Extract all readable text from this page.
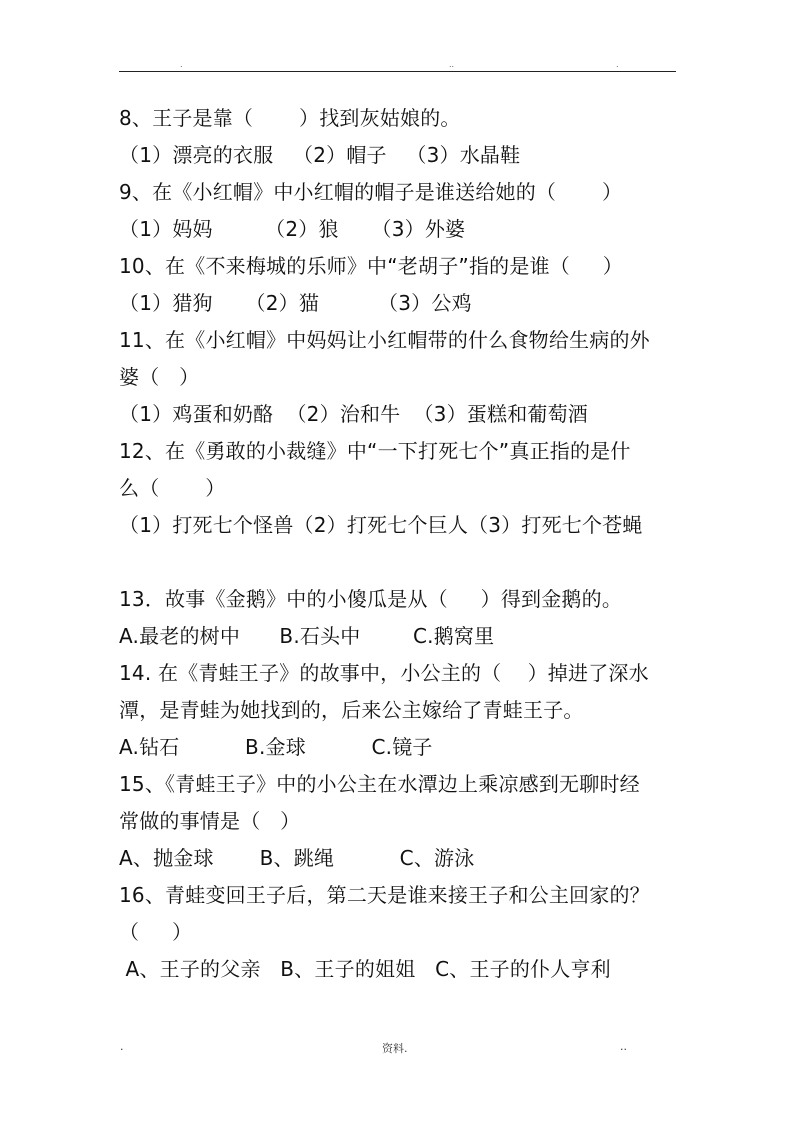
.	..	.
8、王子是靠（       ）找到灰姑娘的。
（1）漂亮的衣服   （2）帽子   （3）水晶鞋
9、在《小红帽》中小红帽的帽子是谁送给她的（       ）
（1）妈妈        （2）狼     （3）外婆
10、在《不来梅城的乐师》中“老胡子”指的是谁（     ）
（1）猎狗     （2）猫         （3）公鸡
11、在《小红帽》中妈妈让小红帽带的什么食物给生病的外
婆（   ）
（1）鸡蛋和奶酪  （2）治和牛  （3）蛋糕和葡萄酒
12、在《勇敢的小裁缝》中“一下打死七个”真正指的是什
么（       ）
（1）打死七个怪兽（2）打死七个巨人（3）打死七个苍蝇
13．故事《金鹅》中的小傻瓜是从（     ）得到金鹅的。
A.最老的树中      B.石头中        C.鹅窝里
14. 在《青蛙王子》的故事中，小公主的（    ）掉进了深水
潭，是青蛙为她找到的，后来公主嫁给了青蛙王子。
A.钻石          B.金球          C.镜子
15、《青蛙王子》中的小公主在水潭边上乘凉感到无聊时经
常做的事情是（   ）
A、抛金球       B、跳绳          C、游泳
16、青蛙变回王子后，第二天是谁来接王子和公主回家的？
（     ）
A、王子的父亲   B、王子的姐姐   C、王子的仆人亨利
.	资料.	..
